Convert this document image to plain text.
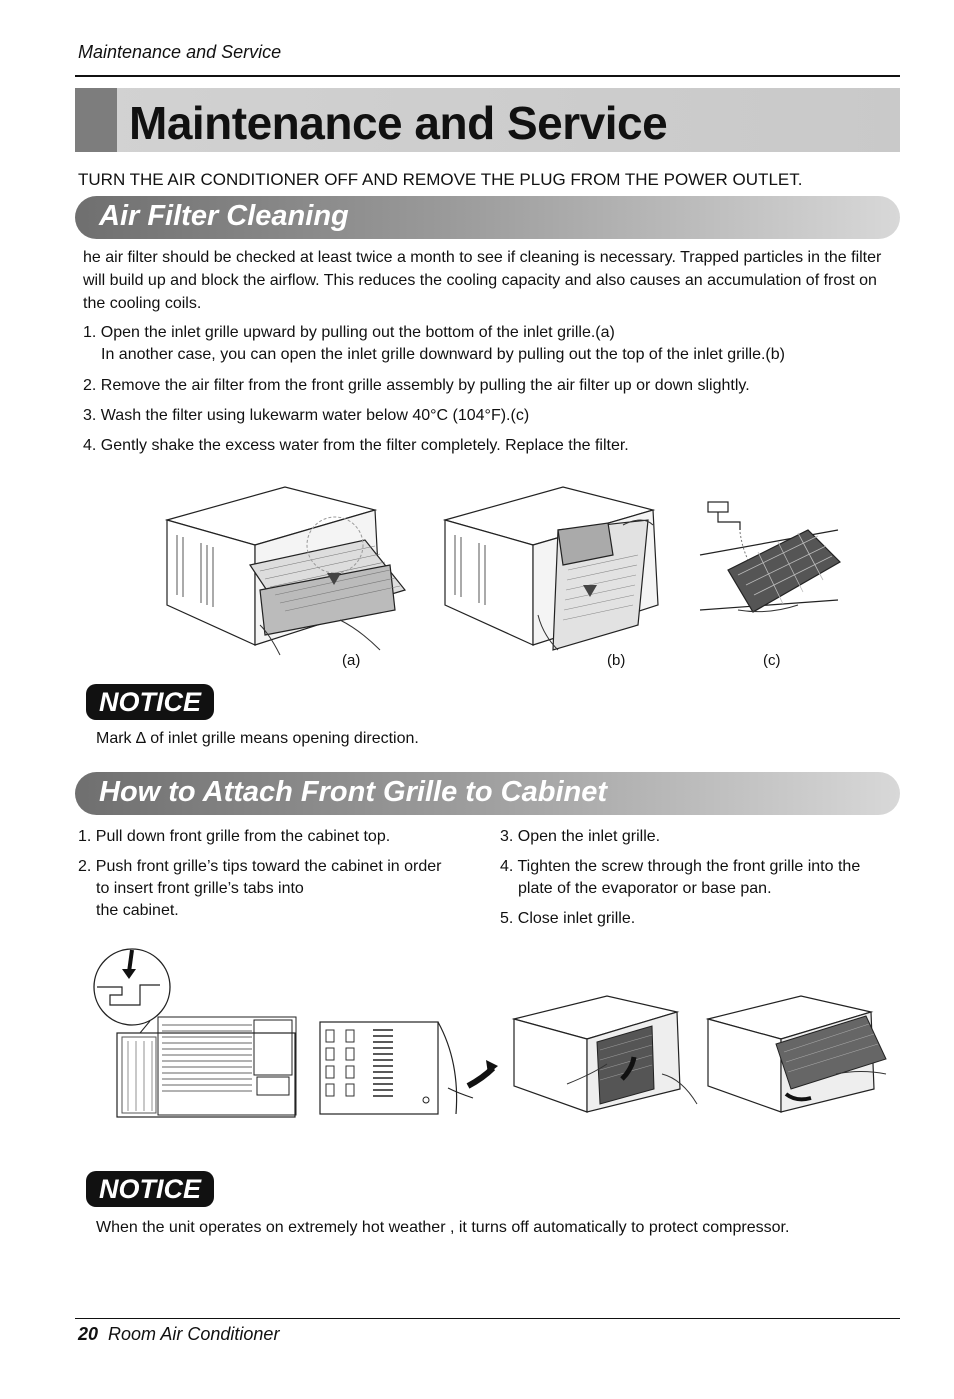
Maintenance and Service
Maintenance and Service
TURN THE AIR CONDITIONER OFF AND REMOVE THE PLUG FROM THE POWER OUTLET.
Air Filter Cleaning
he air filter should be checked at least twice a month to see if cleaning is necessary. Trapped particles in the filter will build up and block the airflow. This reduces the cooling capacity and also causes an accumulation of frost on the cooling coils.
1. Open the inlet grille upward by pulling out the bottom of the inlet grille.(a)
In another case, you can open the inlet grille downward by pulling out the top of the inlet grille.(b)
2. Remove the air filter from the front grille assembly by pulling the air filter up or down slightly.
3. Wash the filter using lukewarm water below 40°C (104°F).(c)
4. Gently shake the excess water from the filter completely. Replace the filter.
(a)	(b)	(c)
NOTICE
Mark ∆ of inlet grille means opening direction.
How to Attach Front Grille to Cabinet
1. Pull down front grille from the cabinet top.
2. Push front grille’s tips toward the cabinet in order
to insert front grille’s tabs into
the cabinet.
3. Open the inlet grille.
4. Tighten the screw through the front grille into the
plate of the evaporator or base pan.
5. Close inlet grille.
NOTICE
When the unit operates on extremely hot weather , it turns off automatically to protect compressor.
20 Room Air Conditioner
